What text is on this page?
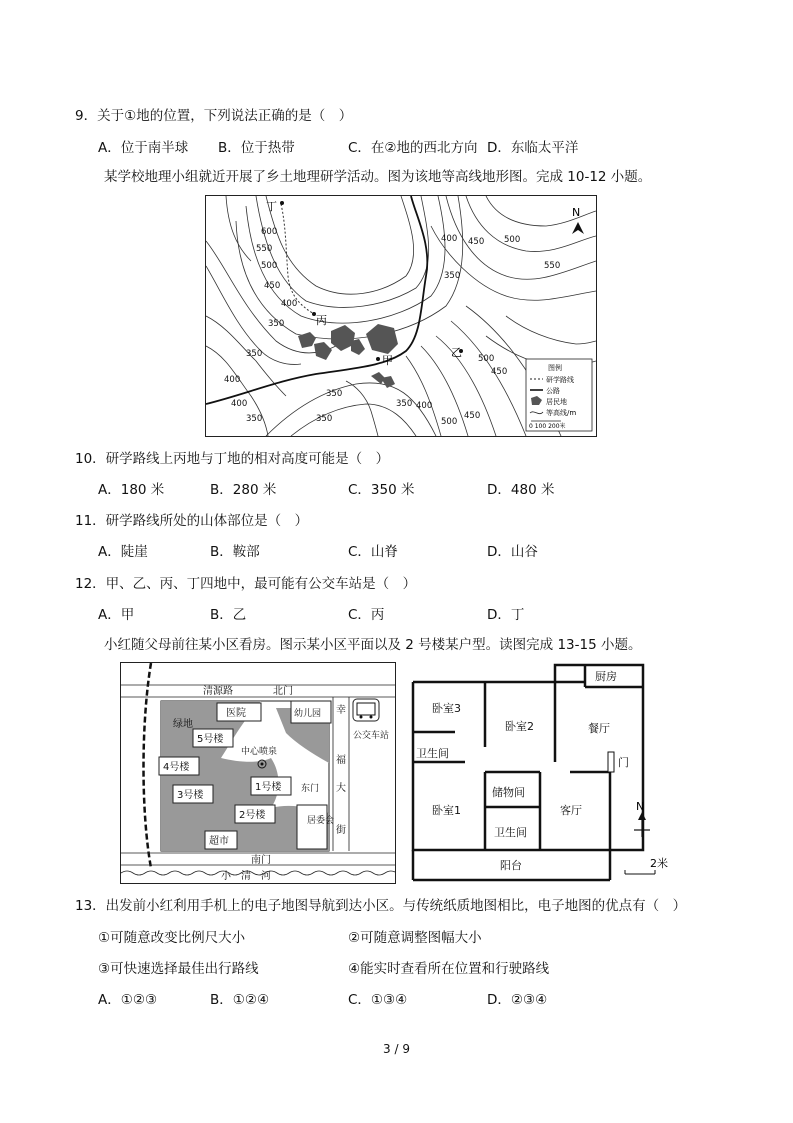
9．关于①地的位置，下列说法正确的是（　）
A．位于南半球 B．位于热带	C．在②地的西北方向 D．东临太平洋
某学校地理小组就近开展了乡土地理研学活动。图为该地等高线地形图。完成 10-12 小题。
丁
丙
甲
乙
600
550
500
450
400
350
400 450 500
550
350
500
450
350
400
350
400
500
450
350
350
350
400
N
图例
研学路线
公路
居民地
等高线/m
0 100 200米
10．研学路线上丙地与丁地的相对高度可能是（　）
A．180 米	B．280 米	C．350 米	D．480 米
11．研学路线所处的山体部位是（　）
A．陡崖	B．鞍部	C．山脊	D．山谷
12．甲、乙、丙、丁四地中，最可能有公交车站是（　）
A．甲	B．乙	C．丙	D．丁
小红随父母前往某小区看房。图示某小区平面以及 2 号楼某户型。读图完成 13-15 小题。
清源路	北门
绿地
医院	幼儿园
5号楼
中心喷泉
4号楼
3号楼
1号楼
2号楼
超市
居委会
东门
南门
幸
福
大
街
小　清　河
公交车站
厨房
卧室3
卧室2	餐厅
卫生间
门
卧室1
储物间
客厅
卫生间
阳台
N
2米
13．出发前小红利用手机上的电子地图导航到达小区。与传统纸质地图相比，电子地图的优点有（　）
①可随意改变比例尺大小	②可随意调整图幅大小
③可快速选择最佳出行路线	④能实时查看所在位置和行驶路线
A．①②③	B．①②④	C．①③④	D．②③④
3 / 9
